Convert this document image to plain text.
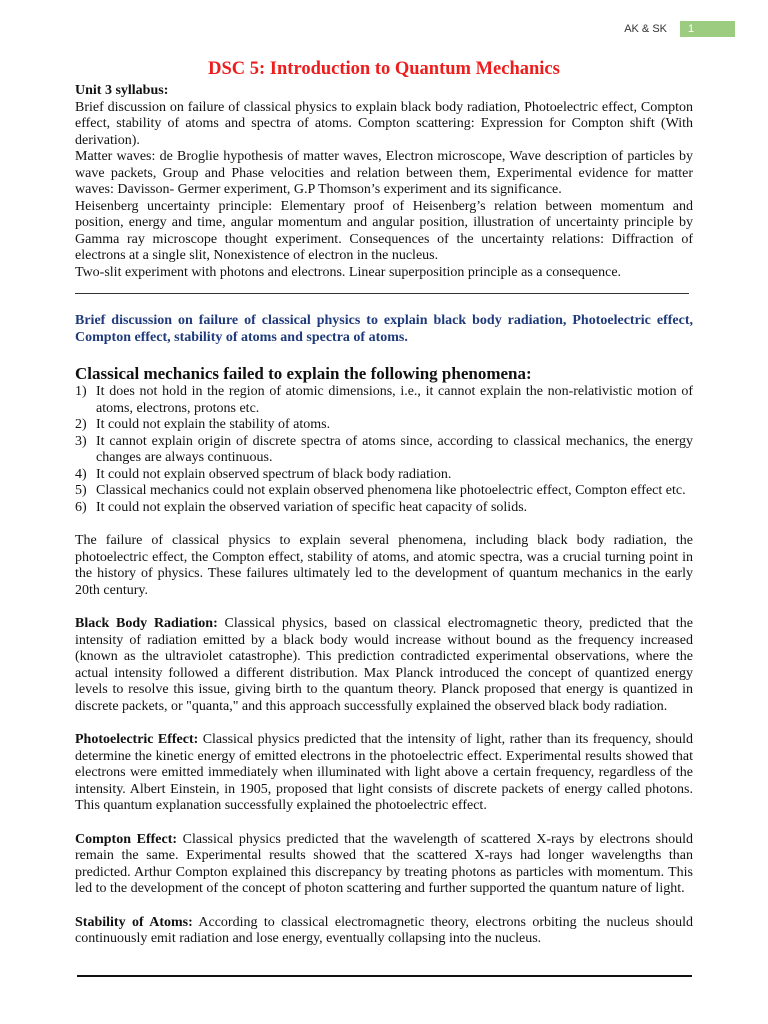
AK & SK	1
DSC 5: Introduction to Quantum Mechanics
Unit 3 syllabus:

Brief discussion on failure of classical physics to explain black body radiation, Photoelectric effect, Compton effect, stability of atoms and spectra of atoms. Compton scattering: Expression for Compton shift (With derivation).

Matter waves: de Broglie hypothesis of matter waves, Electron microscope, Wave description of particles by wave packets, Group and Phase velocities and relation between them, Experimental evidence for matter waves: Davisson- Germer experiment, G.P Thomson’s experiment and its significance.

Heisenberg uncertainty principle: Elementary proof of Heisenberg’s relation between momentum and position, energy and time, angular momentum and angular position, illustration of uncertainty principle by Gamma ray microscope thought experiment. Consequences of the uncertainty relations: Diffraction of electrons at a single slit, Nonexistence of electron in the nucleus.

Two-slit experiment with photons and electrons. Linear superposition principle as a consequence.

Brief discussion on failure of classical physics to explain black body radiation, Photoelectric effect, Compton effect, stability of atoms and spectra of atoms.
Classical mechanics failed to explain the following phenomena:
1) It does not hold in the region of atomic dimensions, i.e., it cannot explain the non-relativistic motion of atoms, electrons, protons etc.
2) It could not explain the stability of atoms.
3) It cannot explain origin of discrete spectra of atoms since, according to classical mechanics, the energy changes are always continuous.
4) It could not explain observed spectrum of black body radiation.
5) Classical mechanics could not explain observed phenomena like photoelectric effect, Compton effect etc.
6) It could not explain the observed variation of specific heat capacity of solids.

The failure of classical physics to explain several phenomena, including black body radiation, the photoelectric effect, the Compton effect, stability of atoms, and atomic spectra, was a crucial turning point in the history of physics. These failures ultimately led to the development of quantum mechanics in the early 20th century.

Black Body Radiation: Classical physics, based on classical electromagnetic theory, predicted that the intensity of radiation emitted by a black body would increase without bound as the frequency increased (known as the ultraviolet catastrophe). This prediction contradicted experimental observations, where the actual intensity followed a different distribution. Max Planck introduced the concept of quantized energy levels to resolve this issue, giving birth to the quantum theory. Planck proposed that energy is quantized in discrete packets, or "quanta," and this approach successfully explained the observed black body radiation.

Photoelectric Effect: Classical physics predicted that the intensity of light, rather than its frequency, should determine the kinetic energy of emitted electrons in the photoelectric effect. Experimental results showed that electrons were emitted immediately when illuminated with light above a certain frequency, regardless of the intensity. Albert Einstein, in 1905, proposed that light consists of discrete packets of energy called photons. This quantum explanation successfully explained the photoelectric effect.

Compton Effect: Classical physics predicted that the wavelength of scattered X-rays by electrons should remain the same. Experimental results showed that the scattered X-rays had longer wavelengths than predicted. Arthur Compton explained this discrepancy by treating photons as particles with momentum. This led to the development of the concept of photon scattering and further supported the quantum nature of light.

Stability of Atoms: According to classical electromagnetic theory, electrons orbiting the nucleus should continuously emit radiation and lose energy, eventually collapsing into the nucleus.
